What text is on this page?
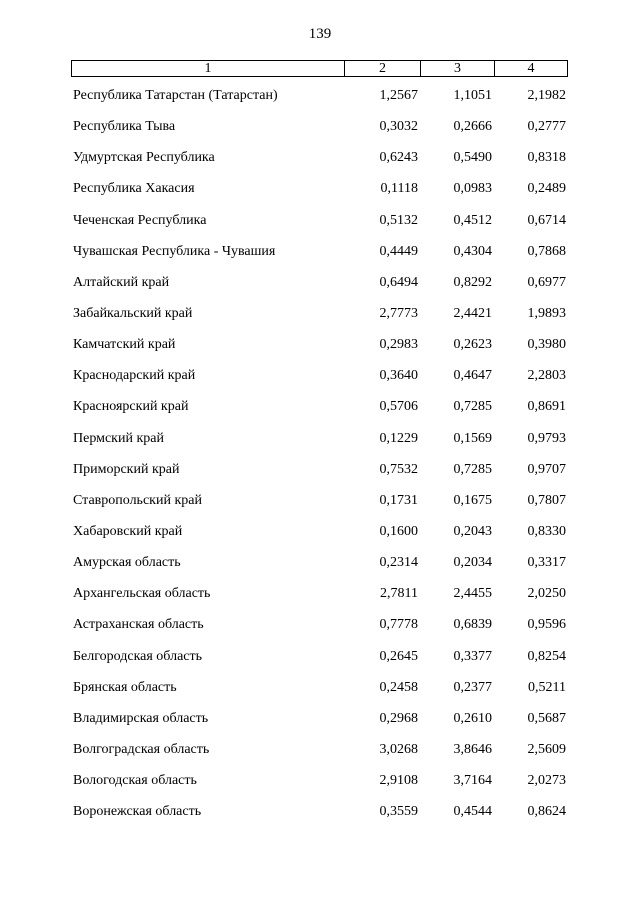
139
1	2	3	4
Республика Татарстан (Татарстан)	1,2567	1,1051	2,1982
Республика Тыва	0,3032	0,2666	0,2777
Удмуртская Республика	0,6243	0,5490	0,8318
Республика Хакасия	0,1118	0,0983	0,2489
Чеченская Республика	0,5132	0,4512	0,6714
Чувашская Республика - Чувашия	0,4449	0,4304	0,7868
Алтайский край	0,6494	0,8292	0,6977
Забайкальский край	2,7773	2,4421	1,9893
Камчатский край	0,2983	0,2623	0,3980
Краснодарский край	0,3640	0,4647	2,2803
Красноярский край	0,5706	0,7285	0,8691
Пермский край	0,1229	0,1569	0,9793
Приморский край	0,7532	0,7285	0,9707
Ставропольский край	0,1731	0,1675	0,7807
Хабаровский край	0,1600	0,2043	0,8330
Амурская область	0,2314	0,2034	0,3317
Архангельская область	2,7811	2,4455	2,0250
Астраханская область	0,7778	0,6839	0,9596
Белгородская область	0,2645	0,3377	0,8254
Брянская область	0,2458	0,2377	0,5211
Владимирская область	0,2968	0,2610	0,5687
Волгоградская область	3,0268	3,8646	2,5609
Вологодская область	2,9108	3,7164	2,0273
Воронежская область	0,3559	0,4544	0,8624
